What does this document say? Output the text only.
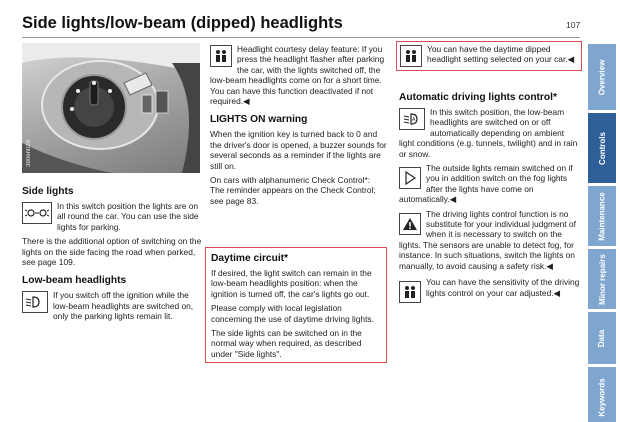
Side lights/low-beam (dipped) headlights	107
390en028
Side lights

In this switch position the lights are on all round the car. You can use the side lights for parking.

There is the additional option of switching on the lights on the side facing the road when parked, see page 109.

Low-beam headlights

If you switch off the ignition while the low-beam headlights are switched on, only the parking lights remain lit.

Headlight courtesy delay feature: If you press the headlight flasher after parking the car, with the lights switched off, the low-beam headlights come on for a short time. You can have this function deactivated if not required.◀

LIGHTS ON warning

When the ignition key is turned back to 0 and the driver's door is opened, a buzzer sounds for several seconds as a reminder if the lights are still on.

On cars with alphanumeric Check Control*:

The reminder appears on the Check Control; see page 83.

Daytime circuit*

If desired, the light switch can remain in the low-beam headlights position: when the ignition is turned off, the car's lights go out.

Please comply with local legislation concerning the use of daytime driving lights.

The side lights can be switched on in the normal way when required, as described under "Side lights".

You can have the daytime dipped headlight setting selected on your car.◀

Automatic driving lights control*
A

In this switch position, the low-beam headlights are switched on or off automatically depending on ambient light conditions (e.g. tunnels, twilight) and in rain or snow.

The outside lights remain switched on if you in addition switch on the fog lights after the lights have come on automatically.◀

The driving lights control function is no substitute for your individual judgment of when it is necessary to switch on the lights. The sensors are unable to detect fog, for instance. In such situations, switch the lights on manually, to avoid causing a safety risk.◀

You can have the sensitivity of the driving lights control on your car adjusted.◀

Overview
Controls
Maintenance
Minor repairs
Data
Keywords
